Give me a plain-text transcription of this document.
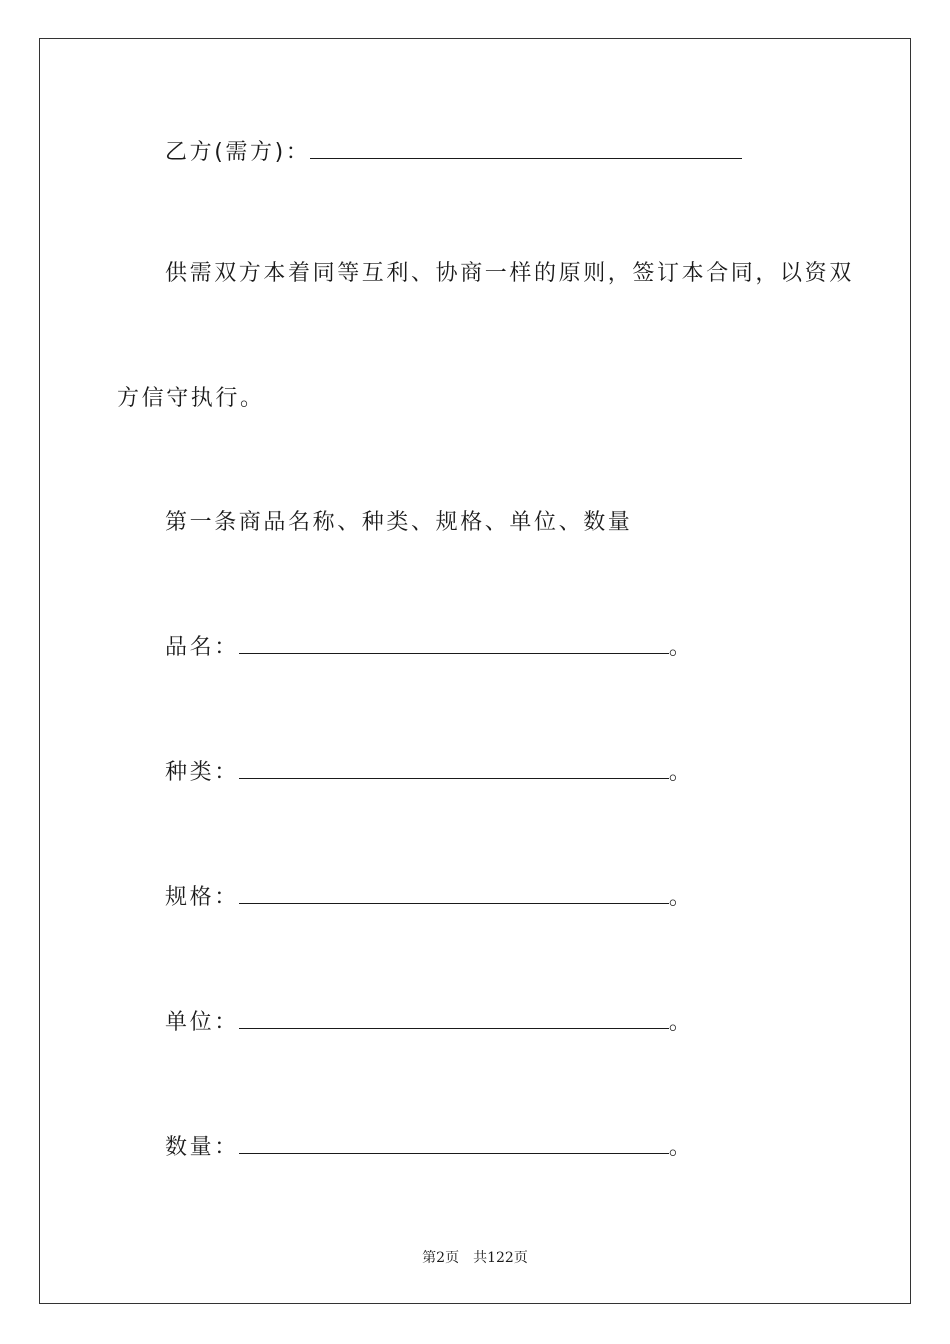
乙方(需方)：
供需双方本着同等互利、协商一样的原则，签订本合同，以资双
方信守执行。
第一条商品名称、种类、规格、单位、数量
品名：	。
种类：	。
规格：	。
单位：	。
数量：	。
第2页 共122页
